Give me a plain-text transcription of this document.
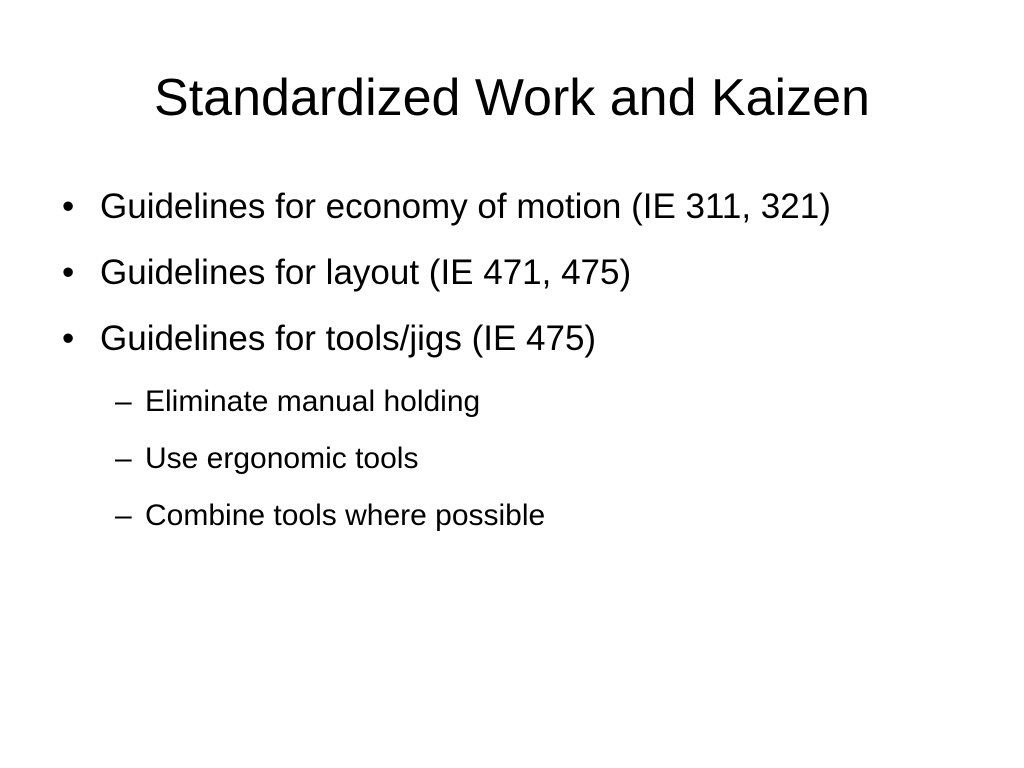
Standardized Work and Kaizen
• Guidelines for economy of motion (IE 311, 321)
• Guidelines for layout (IE 471, 475)
• Guidelines for tools/jigs (IE 475)
– Eliminate manual holding
– Use ergonomic tools
– Combine tools where possible
